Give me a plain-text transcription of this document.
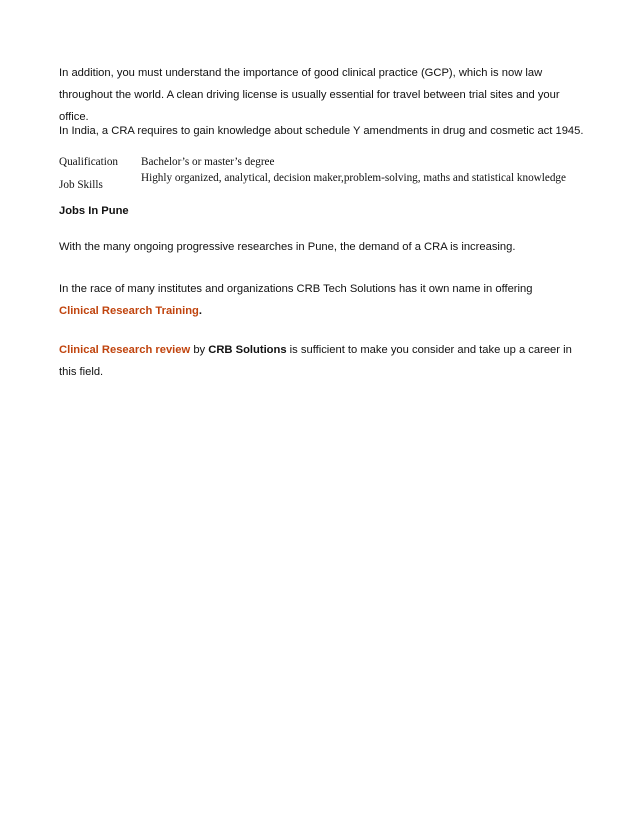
In addition, you must understand the importance of good clinical practice (GCP), which is now law throughout the world. A clean driving license is usually essential for travel between trial sites and your office.

In India, a CRA requires to gain knowledge about schedule Y amendments in drug and cosmetic act 1945.

Qualification	Bachelor’s or master’s degree
Job Skills
Highly organized, analytical, decision maker,problem-solving, maths and statistical knowledge

Jobs In Pune

With the many ongoing progressive researches in Pune, the demand of a CRA is increasing.

In the race of many institutes and organizations CRB Tech Solutions has it own name in offering Clinical Research Training.

Clinical Research review by CRB Solutions is sufficient to make you consider and take up a career in this field.
